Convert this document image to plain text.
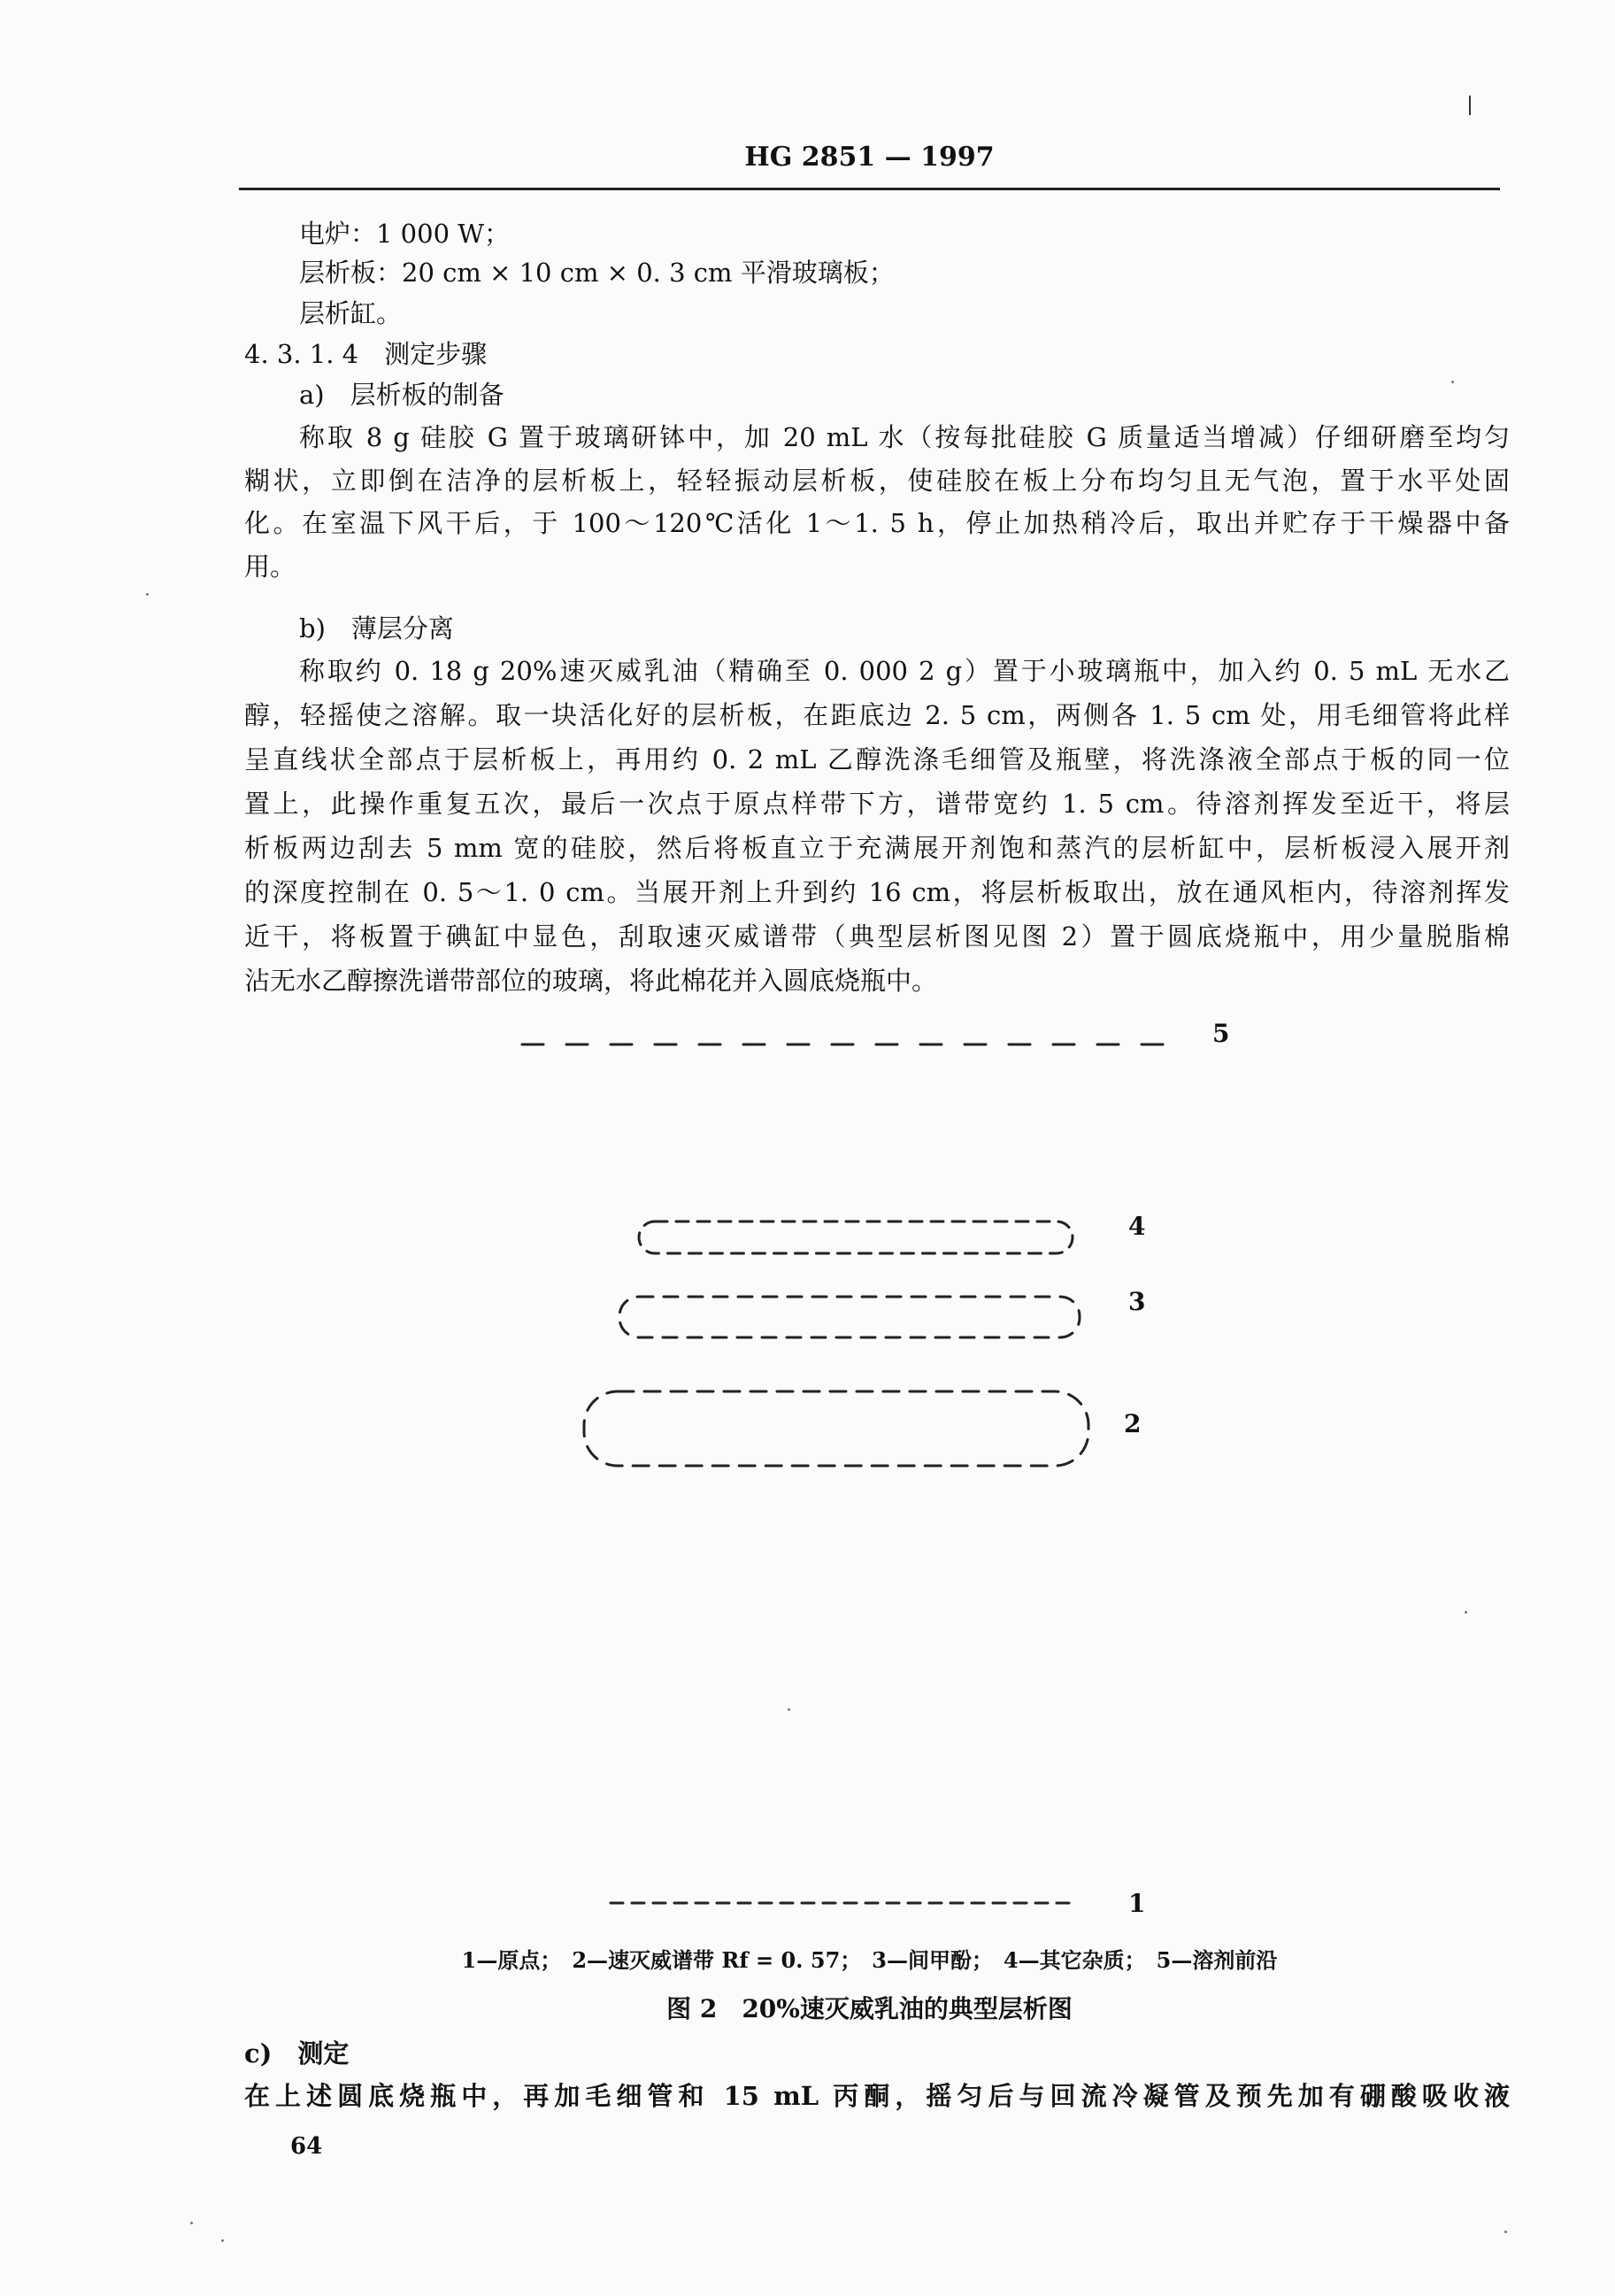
HG 2851 — 1997
电炉：1 000 W；
层析板：20 cm × 10 cm × 0. 3 cm 平滑玻璃板；
层析缸。
4. 3. 1. 4　测定步骤
a)　层析板的制备
称取 8 g 硅胶 G 置于玻璃研钵中，加 20 mL 水（按每批硅胶 G 质量适当增减）仔细研磨至均匀
糊状，立即倒在洁净的层析板上，轻轻振动层析板，使硅胶在板上分布均匀且无气泡，置于水平处固
化。在室温下风干后，于 100～120℃活化 1～1. 5 h，停止加热稍冷后，取出并贮存于干燥器中备
用。
b)　薄层分离
称取约 0. 18 g 20%速灭威乳油（精确至 0. 000 2 g）置于小玻璃瓶中，加入约 0. 5 mL 无水乙
醇，轻摇使之溶解。取一块活化好的层析板，在距底边 2. 5 cm，两侧各 1. 5 cm 处，用毛细管将此样
呈直线状全部点于层析板上，再用约 0. 2 mL 乙醇洗涤毛细管及瓶壁，将洗涤液全部点于板的同一位
置上，此操作重复五次，最后一次点于原点样带下方，谱带宽约 1. 5 cm。待溶剂挥发至近干，将层
析板两边刮去 5 mm 宽的硅胶，然后将板直立于充满展开剂饱和蒸汽的层析缸中，层析板浸入展开剂
的深度控制在 0. 5～1. 0 cm。当展开剂上升到约 16 cm，将层析板取出，放在通风柜内，待溶剂挥发
近干，将板置于碘缸中显色，刮取速灭威谱带（典型层析图见图 2）置于圆底烧瓶中，用少量脱脂棉
沾无水乙醇擦洗谱带部位的玻璃，将此棉花并入圆底烧瓶中。
5
4
3
2
1
1—原点；　2—速灭威谱带 Rf = 0. 57；　3—间甲酚；　4—其它杂质；　5—溶剂前沿
图 2　20%速灭威乳油的典型层析图
c)　测定
在上述圆底烧瓶中，再加毛细管和 15 mL 丙酮，摇匀后与回流冷凝管及预先加有硼酸吸收液
64
